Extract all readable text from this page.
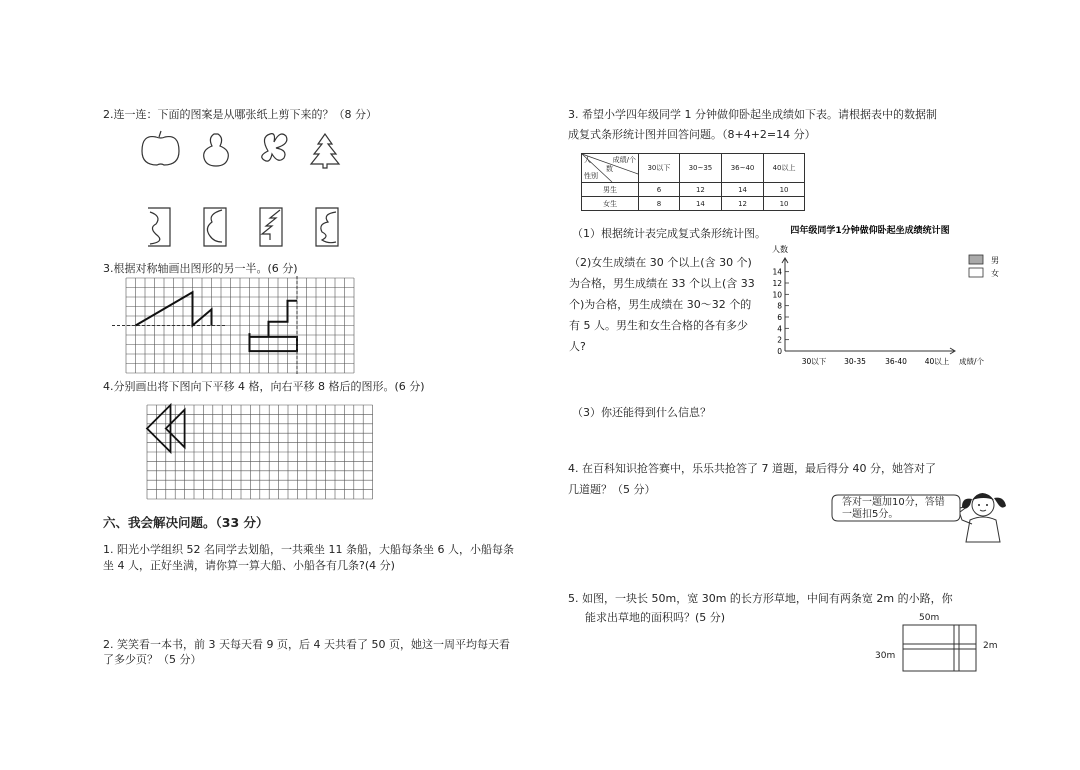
2.连一连：下面的图案是从哪张纸上剪下来的？（8 分）
3.根据对称轴画出图形的另一半。(6 分)
4.分别画出将下图向下平移 4 格，向右平移 8 格后的图形。(6 分)
六、我会解决问题。（33 分）
1. 阳光小学组织 52 名同学去划船，一共乘坐 11 条船，大船每条坐 6 人，小船每条
坐 4 人，正好坐满，请你算一算大船、小船各有几条?(4 分)
2. 笑笑看一本书，前 3 天每天看 9 页，后 4 天共看了 50 页，她这一周平均每天看
了多少页？（5 分）
3. 希望小学四年级同学 1 分钟做仰卧起坐成绩如下表。请根据表中的数据制
成复式条形统计图并回答问题。（8+4+2=14 分）
成绩/个
人
数
性别	30以下	30~35	36~40	40以上
男生	6	12	14	10
女生	8	14	12	10
（1）根据统计表完成复式条形统计图。
（2)女生成绩在 30 个以上(含 30 个)
为合格，男生成绩在 33 个以上(含 33
个)为合格，男生成绩在 30～32 个的
有 5 人。男生和女生合格的各有多少
人?
四年级同学1分钟做仰卧起坐成绩统计图
人数
0
2
4
6
8
10
12
14
30以下 30-35	36-40 40以上 成绩/个
男
女
（3）你还能得到什么信息？
4. 在百科知识抢答赛中，乐乐共抢答了 7 道题，最后得分 40 分，她答对了
几道题？（5 分）
答对一题加10分，答错
一题扣5分。
5. 如图，一块长 50m，宽 30m 的长方形草地，中间有两条宽 2m 的小路，你
能求出草地的面积吗？(5 分)	50m
30m
2m
